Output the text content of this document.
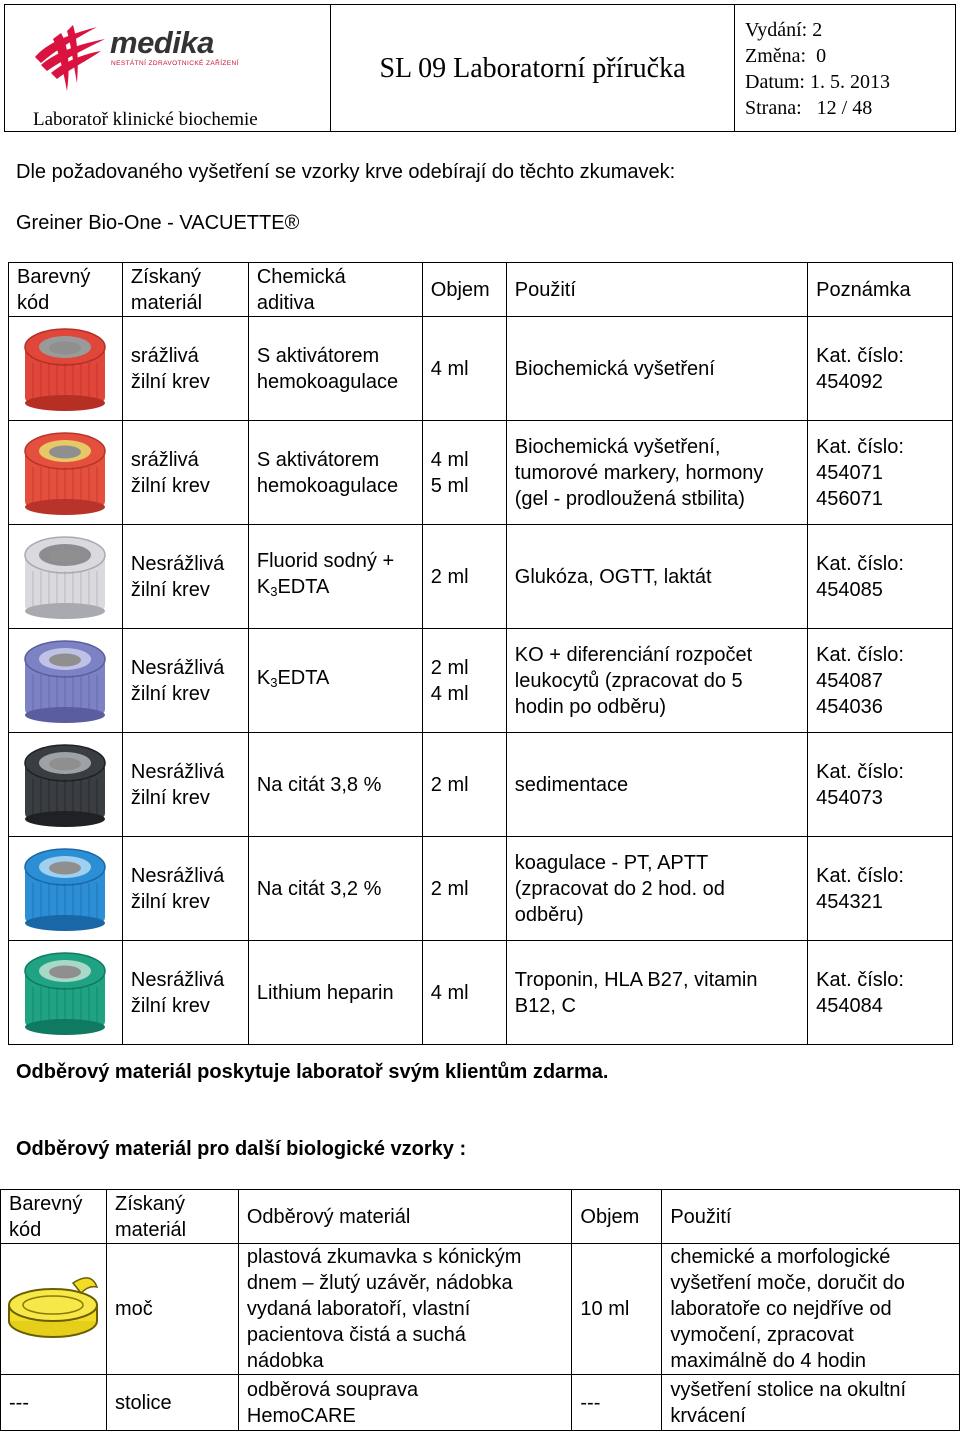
medika
NESTÁTNÍ ZDRAVOTNICKÉ ZAŘÍZENÍ
Laboratoř klinické biochemie
SL 09 Laboratorní příručka
Vydání: 2
Změna: 0
Datum: 1. 5. 2013
Strana: 12 / 48
Dle požadovaného vyšetření se vzorky krve odebírají do těchto zkumavek:
Greiner Bio-One - VACUETTE®
Barevný
kód	Získaný
materiál	Chemická
aditiva	Objem	Použití	Poznámka
	srážlivá
žilní krev	S aktivátorem
hemokoagulace	4 ml	Biochemická vyšetření	Kat. číslo:
454092
	srážlivá
žilní krev	S aktivátorem
hemokoagulace	4 ml
5 ml	Biochemická vyšetření,
tumorové markery, hormony
(gel - prodloužená stbilita)	Kat. číslo:
454071
456071
	Nesrážlivá
žilní krev	Fluorid sodný +
$K_3EDTA$	2 ml	Glukóza, OGTT, laktát	Kat. číslo:
454085
	Nesrážlivá
žilní krev	$K_3EDTA$	2 ml
4 ml	KO + diferenciání rozpočet
leukocytů (zpracovat do 5
hodin po odběru)	Kat. číslo:
454087
454036
	Nesrážlivá
žilní krev	Na citát 3,8 %	2 ml	sedimentace	Kat. číslo:
454073
	Nesrážlivá
žilní krev	Na citát 3,2 %	2 ml	koagulace - PT, APTT
(zpracovat do 2 hod. od
odběru)	Kat. číslo:
454321
	Nesrážlivá
žilní krev	Lithium heparin	4 ml	Troponin, HLA B27, vitamin
B12, C	Kat. číslo:
454084
Odběrový materiál poskytuje laboratoř svým klientům zdarma.
Odběrový materiál pro další biologické vzorky :
Barevný
kód	Získaný
materiál	Odběrový materiál	Objem	Použití
	moč	plastová zkumavka s kónickým
dnem – žlutý uzávěr, nádobka
vydaná laboratoří, vlastní
pacientova čistá a suchá
nádobka	10 ml	chemické a morfologické
vyšetření moče, doručit do
laboratoře co nejdříve od
vymočení, zpracovat
maximálně do 4 hodin
---	stolice	odběrová souprava
HemoCARE	---	vyšetření stolice na okultní
krvácení
